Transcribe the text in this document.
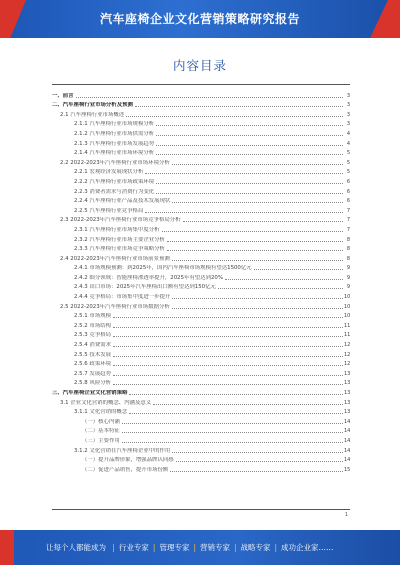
汽车座椅企业文化营销策略研究报告
内容目录
一、前言	3
二、汽车座椅行业市场分析及预测	3
2.1 汽车座椅行业市场概述	3
2.1.1 汽车座椅行业市场规模分析	3
2.1.2 汽车座椅行业市场供需分析	4
2.1.3 汽车座椅行业市场发展趋势	4
2.1.4 汽车座椅行业市场环境分析	5
2.2 2022-2023年汽车座椅行业市场环境分析	5
2.2.1 宏观经济发展现状分析	5
2.2.2 汽车座椅行业市场政策环境	6
2.2.3 消费者需求与消费行为变化	6
2.2.4 汽车座椅行业产品及技术发展现状	6
2.2.5 汽车座椅行业竞争格局	7
2.3 2022-2023年汽车座椅行业市场竞争格局分析	7
2.3.1 汽车座椅行业市场集中度分析	7
2.3.2 汽车座椅行业市场主要企业分析	8
2.3.3 汽车座椅行业市场竞争策略分析	8
2.4 2022-2023年汽车座椅行业市场前景预测	8
2.4.1 市场规模预测：到2025年，国内汽车座椅市场规模有望达1500亿元	9
2.4.2 细分领域：智能座椅渗透率提升，2025年有望达到20%	9
2.4.3 出口市场：2025年汽车座椅出口额有望达到150亿元	9
2.4.4 竞争格局：市场集中度进一步提升	10
2.5 2022-2023年汽车座椅行业市场数据分析	10
2.5.1 市场规模	10
2.5.2 市场结构	11
2.5.3 竞争格局	11
2.5.4 消费需求	12
2.5.5 技术发展	12
2.5.6 政策环境	12
2.5.7 发展趋势	13
2.5.8 风险分析	13
三、汽车座椅企业文化营销策略	13
3.1 企业文化营销的概念、内涵及意义	13
3.1.1 文化营销的概念	13
（一）核心内涵	14
（二）基本特征	14
（三）主要作用	14
3.1.2 文化营销在汽车座椅企业中的作用	14
（一）提升品牌形象，增强品牌认同感	14
（二）促进产品销售，提升市场份额	15
1
让每个人都能成为 | 行业专家 | 管理专家 | 营销专家 | 战略专家 | 成功企业家……
